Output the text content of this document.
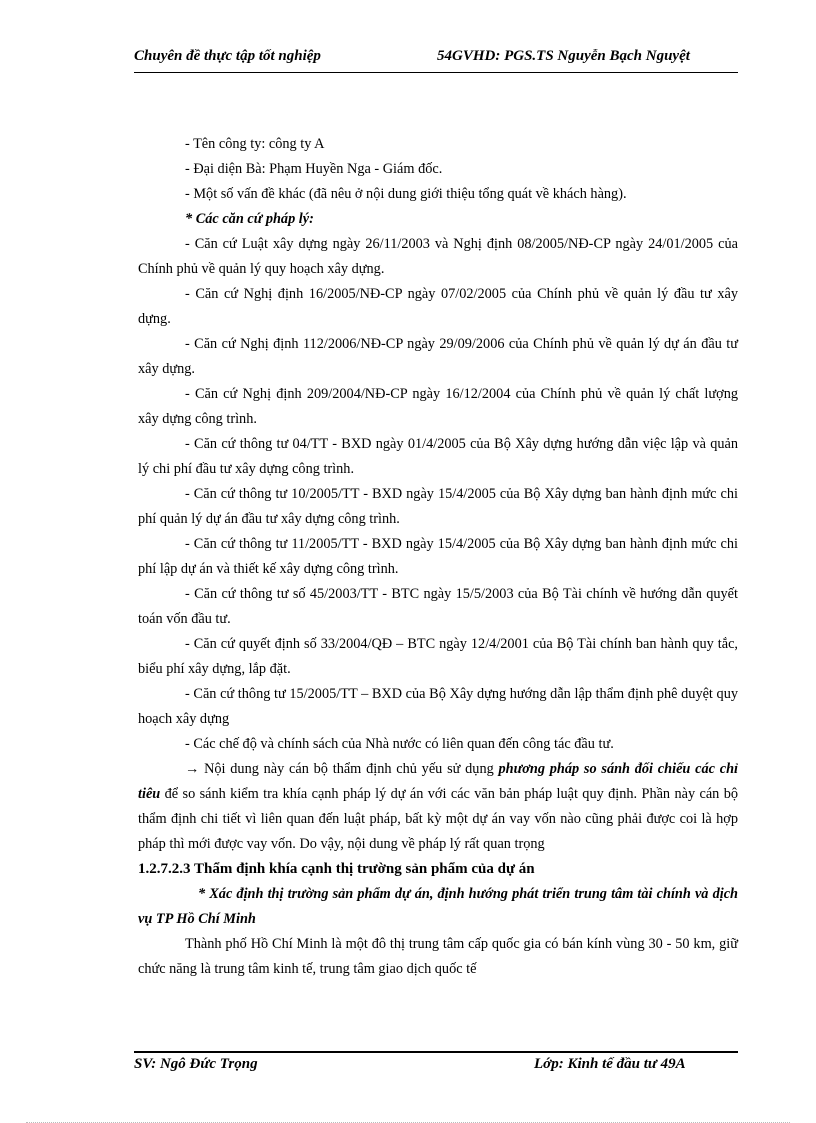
Chuyên đề thực tập tốt nghiệp	54GVHD: PGS.TS Nguyễn Bạch Nguyệt

- Tên công ty: công ty A

- Đại diện Bà: Phạm Huyền Nga - Giám đốc.

- Một số vấn đề khác (đã nêu ở nội dung giới thiệu tổng quát về khách hàng).

* Các căn cứ pháp lý:

- Căn cứ Luật xây dựng ngày 26/11/2003 và Nghị định 08/2005/NĐ-CP ngày 24/01/2005 của Chính phủ về quản lý quy hoạch xây dựng.

- Căn cứ Nghị định 16/2005/NĐ-CP ngày 07/02/2005 của Chính phủ về quản lý đầu tư xây dựng.

- Căn cứ Nghị định 112/2006/NĐ-CP ngày 29/09/2006 của Chính phủ về quản lý dự án đầu tư xây dựng.

- Căn cứ Nghị định 209/2004/NĐ-CP ngày 16/12/2004 của Chính phủ về quản lý chất lượng xây dựng công trình.

- Căn cứ thông tư 04/TT - BXD ngày 01/4/2005 của Bộ Xây dựng hướng dẫn việc lập và quản lý chi phí đầu tư xây dựng công trình.

- Căn cứ thông tư 10/2005/TT - BXD ngày 15/4/2005 của Bộ Xây dựng ban hành định mức chi phí quản lý dự án đầu tư xây dựng công trình.

- Căn cứ thông tư 11/2005/TT - BXD ngày 15/4/2005 của Bộ Xây dựng ban hành định mức chi phí lập dự án và thiết kế xây dựng công trình.

- Căn cứ thông tư số 45/2003/TT - BTC ngày 15/5/2003 của Bộ Tài chính về hướng dẫn quyết toán vốn đầu tư.

- Căn cứ quyết định số 33/2004/QĐ – BTC ngày 12/4/2001 của Bộ Tài chính ban hành quy tắc, biểu phí xây dựng, lắp đặt.

- Căn cứ thông tư 15/2005/TT – BXD của Bộ Xây dựng hướng dẫn lập thẩm định phê duyệt quy hoạch xây dựng

- Các chế độ và chính sách của Nhà nước có liên quan đến công tác đầu tư.

→ Nội dung này cán bộ thẩm định chủ yếu sử dụng phương pháp so sánh đối chiếu các chỉ tiêu để so sánh kiểm tra khía cạnh pháp lý dự án với các văn bản pháp luật quy định. Phần này cán bộ thẩm định chi tiết vì liên quan đến luật pháp, bất kỳ một dự án vay vốn nào cũng phải được coi là hợp pháp thì mới được vay vốn. Do vậy, nội dung về pháp lý rất quan trọng

1.2.7.2.3 Thẩm định khía cạnh thị trường sản phẩm của dự án

* Xác định thị trường sản phẩm dự án, định hướng phát triển trung tâm tài chính và dịch vụ TP Hồ Chí Minh

Thành phố Hồ Chí Minh là một đô thị trung tâm cấp quốc gia có bán kính vùng 30 - 50 km, giữ chức năng là trung tâm kinh tế, trung tâm giao dịch quốc tế

SV: Ngô Đức Trọng	Lớp: Kinh tế đầu tư 49A
